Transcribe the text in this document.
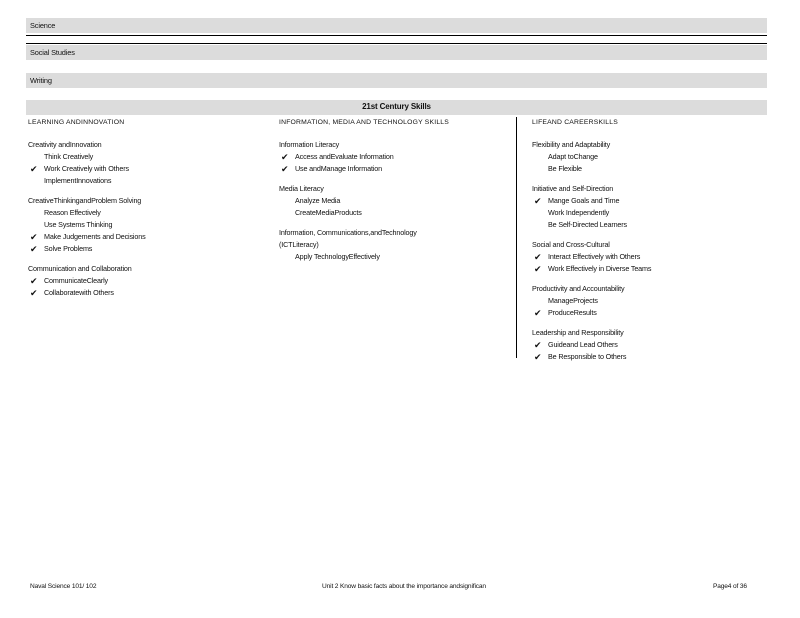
Science
Social Studies
Writing
21st Century Skills
LEARNING ANDINNOVATION
Creativity andInnovation
Think Creatively
✔ Work Creatively with Others
ImplementInnovations
CreativeThinkingandProblem Solving
Reason Effectively
Use Systems Thinking
✔ Make Judgements and Decisions
✔ Solve Problems
Communication and Collaboration
✔ CommunicateClearly
✔ Collaboratewith Others
INFORMATION, MEDIA AND TECHNOLOGY SKILLS
Information Literacy
✔ Access andEvaluate Information
✔ Use andManage Information
Media Literacy
Analyze Media
CreateMediaProducts
Information, Communications,andTechnology
(ICTLiteracy)
Apply TechnologyEffectively
LIFEAND CAREERSKILLS
Flexibility and Adaptability
Adapt toChange
Be Flexible
Initiative and Self-Direction
✔ Mange Goals and Time
Work Independently
Be Self-Directed Learners
Social and Cross-Cultural
✔ Interact Effectively with Others
✔ Work Effectively in Diverse Teams
Productivity and Accountability
ManageProjects
✔ ProduceResults
Leadership and Responsibility
✔ Guideand Lead Others
✔ Be Responsible to Others
Naval Science 101/ 102	Unit 2 Know basic facts about the importance andsignifican	Page4 of 36
